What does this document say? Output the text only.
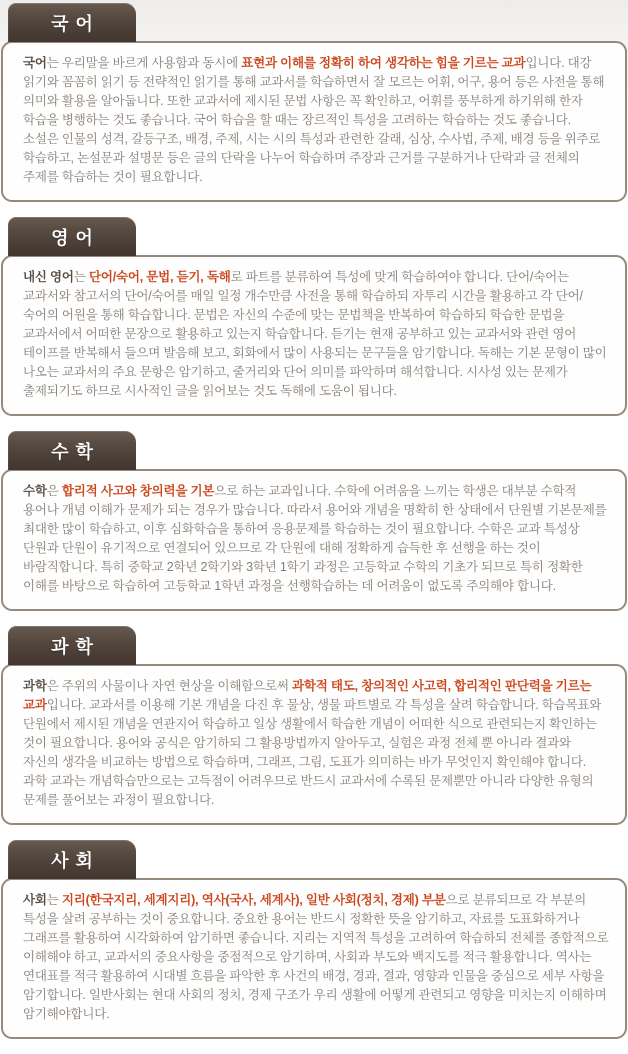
국어

국어는 우리말을 바르게 사용함과 동시에 표현과 이해를 정확히 하여 생각하는 힘을 기르는 교과입니다. 대강 읽기와 꼼꼼히 읽기 등 전략적인 읽기를 통해 교과서를 학습하면서 잘 모르는 어휘, 어구, 용어 등은 사전을 통해 의미와 활용을 알아둡니다. 또한 교과서에 제시된 문법 사항은 꼭 확인하고, 어휘를 풍부하게 하기위해 한자 학습을 병행하는 것도 좋습니다. 국어 학습을 할 때는 장르적인 특성을 고려하는 학습하는 것도 좋습니다. 소설은 인물의 성격, 갈등구조, 배경, 주제, 시는 시의 특성과 관련한 갈래, 심상, 수사법, 주제, 배경 등을 위주로 학습하고, 논설문과 설명문 등은 글의 단락을 나누어 학습하며 주장과 근거를 구분하거나 단락과 글 전체의 주제를 학습하는 것이 필요합니다.

영어

내신 영어는 단어/숙어, 문법, 듣기, 독해로 파트를 분류하여 특성에 맞게 학습하여야 합니다. 단어/숙어는 교과서와 참고서의 단어/숙어를 매일 일정 개수만큼 사전을 통해 학습하되 자투리 시간을 활용하고 각 단어/숙어의 어원을 통해 학습합니다. 문법은 자신의 수준에 맞는 문법책을 반복하여 학습하되 학습한 문법을 교과서에서 어떠한 문장으로 활용하고 있는지 학습합니다. 듣기는 현재 공부하고 있는 교과서와 관련 영어 테이프를 반복해서 들으며 발음해 보고, 회화에서 많이 사용되는 문구들을 암기합니다. 독해는 기본 문형이 많이 나오는 교과서의 주요 문항은 암기하고, 줄거리와 단어 의미를 파악하며 해석합니다. 시사성 있는 문제가 출제되기도 하므로 시사적인 글을 읽어보는 것도 독해에 도움이 됩니다.

수학

수학은 합리적 사고와 창의력을 기본으로 하는 교과입니다. 수학에 어려움을 느끼는 학생은 대부분 수학적 용어나 개념 이해가 문제가 되는 경우가 많습니다. 따라서 용어와 개념을 명확히 한 상태에서 단원별 기본문제를 최대한 많이 학습하고, 이후 심화학습을 통하여 응용문제를 학습하는 것이 필요합니다. 수학은 교과 특성상 단원과 단원이 유기적으로 연결되어 있으므로 각 단원에 대해 정확하게 습득한 후 선행을 하는 것이 바람직합니다. 특히 중학교 2학년 2학기와 3학년 1학기 과정은 고등학교 수학의 기초가 되므로 특히 정확한 이해를 바탕으로 학습하여 고등학교 1학년 과정을 선행학습하는 데 어려움이 없도록 주의해야 합니다.

과학

과학은 주위의 사물이나 자연 현상을 이해함으로써 과학적 태도, 창의적인 사고력, 합리적인 판단력을 기르는 교과입니다. 교과서를 이용해 기본 개념을 다진 후 물상, 생물 파트별로 각 특성을 살려 학습합니다. 학습목표와 단원에서 제시된 개념을 연관지어 학습하고 일상 생활에서 학습한 개념이 어떠한 식으로 관련되는지 확인하는 것이 필요합니다. 용어와 공식은 암기하되 그 활용방법까지 알아두고, 실험은 과정 전체 뿐 아니라 결과와 자신의 생각을 비교하는 방법으로 학습하며, 그래프, 그림, 도표가 의미하는 바가 무엇인지 확인해야 합니다. 과학 교과는 개념학습만으로는 고득점이 어려우므로 반드시 교과서에 수록된 문제뿐만 아니라 다양한 유형의 문제를 풀어보는 과정이 필요합니다.

사회

사회는 지리(한국지리, 세계지리), 역사(국사, 세계사), 일반 사회(정치, 경제) 부분으로 분류되므로 각 부분의 특성을 살려 공부하는 것이 중요합니다. 중요한 용어는 반드시 정확한 뜻을 암기하고, 자료를 도표화하거나 그래프를 활용하여 시각화하여 암기하면 좋습니다. 지리는 지역적 특성을 고려하여 학습하되 전체를 종합적으로 이해해야 하고, 교과서의 중요사항을 중점적으로 암기하며, 사회과 부도와 백지도를 적극 활용합니다. 역사는 연대표를 적극 활용하여 시대별 흐름을 파악한 후 사건의 배경, 경과, 결과, 영향과 인물을 중심으로 세부 사항을 암기합니다. 일반사회는 현대 사회의 정치, 경제 구조가 우리 생활에 어떻게 관련되고 영향을 미치는지 이해하며 암기해야합니다.
